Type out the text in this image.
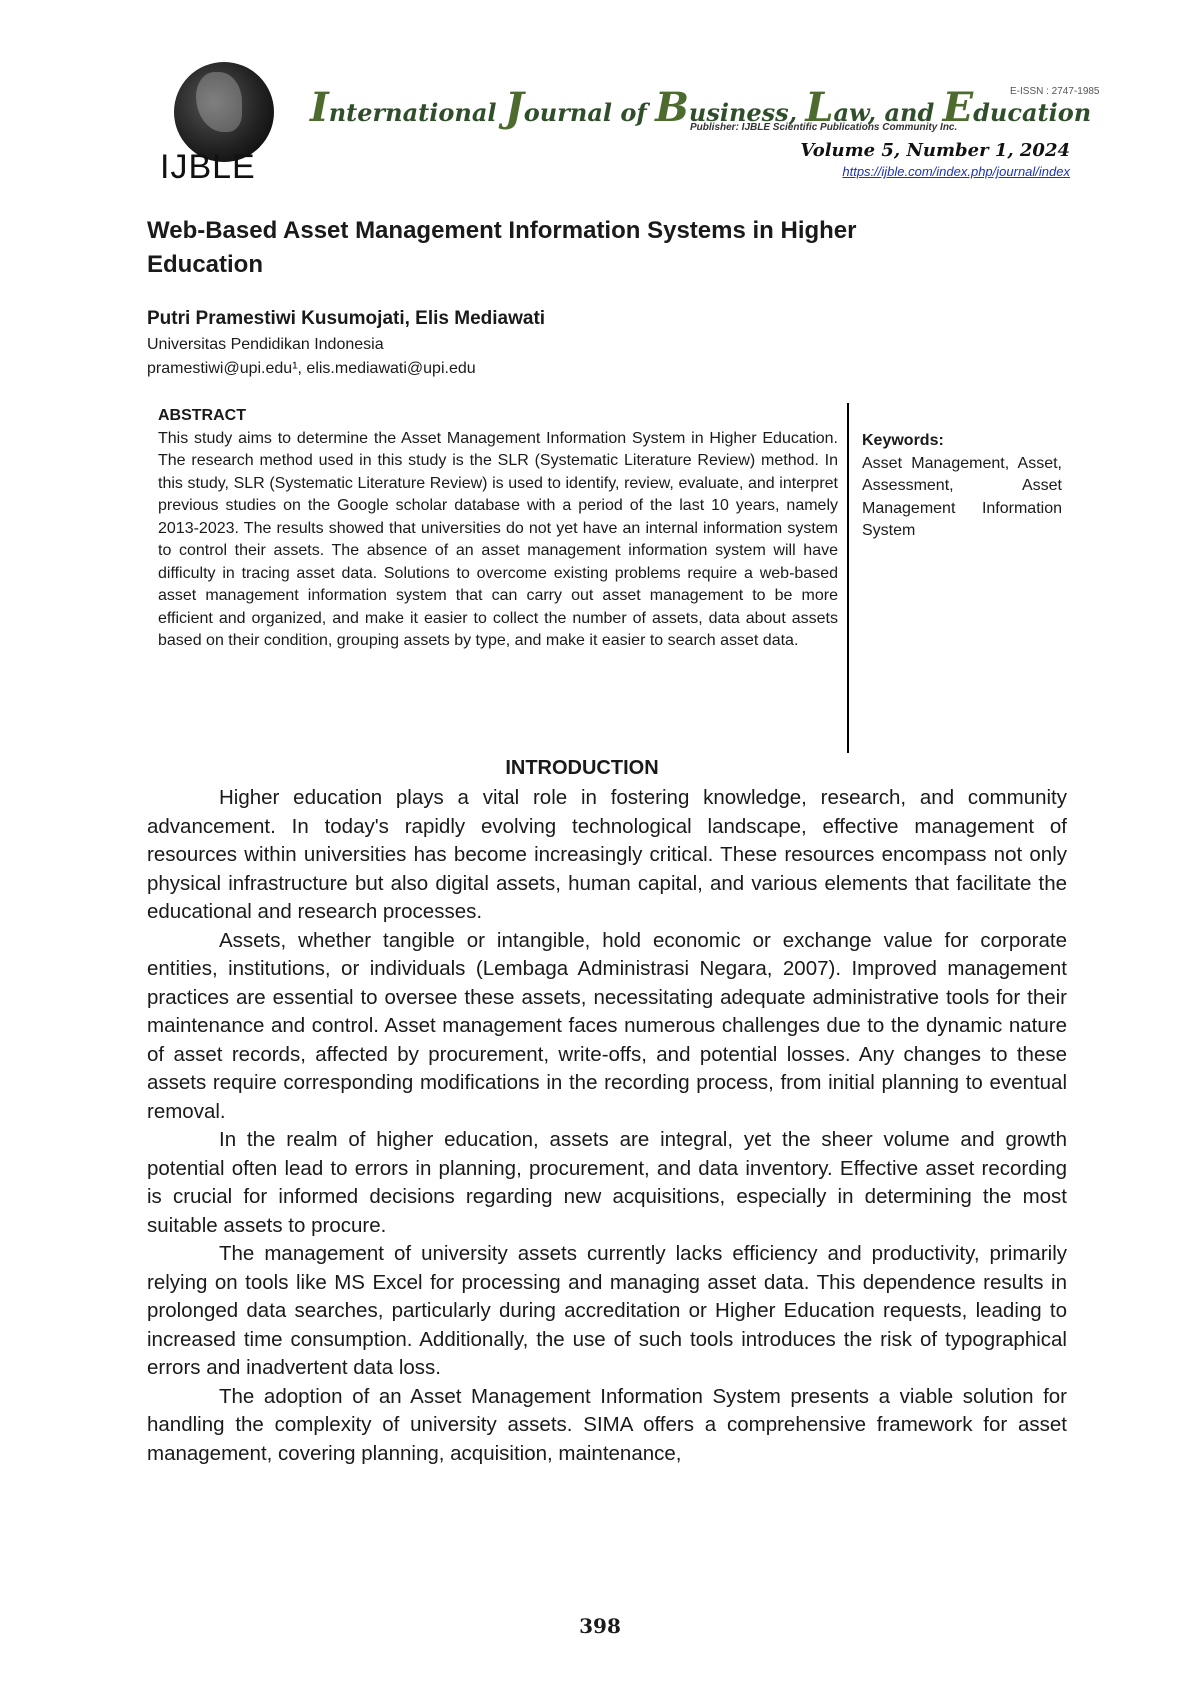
IJBLE
International Journal of Business, Law, and Education
E-ISSN : 2747-1985
Publisher: IJBLE Scientific Publications Community Inc.
Volume 5, Number 1, 2024
https://ijble.com/index.php/journal/index
Web-Based Asset Management Information Systems in Higher Education
Putri Pramestiwi Kusumojati, Elis Mediawati
Universitas Pendidikan Indonesia
pramestiwi@upi.edu¹, elis.mediawati@upi.edu
ABSTRACT
This study aims to determine the Asset Management Information System in Higher Education. The research method used in this study is the SLR (Systematic Literature Review) method. In this study, SLR (Systematic Literature Review) is used to identify, review, evaluate, and interpret previous studies on the Google scholar database with a period of the last 10 years, namely 2013-2023. The results showed that universities do not yet have an internal information system to control their assets. The absence of an asset management information system will have difficulty in tracing asset data. Solutions to overcome existing problems require a web-based asset management information system that can carry out asset management to be more efficient and organized, and make it easier to collect the number of assets, data about assets based on their condition, grouping assets by type, and make it easier to search asset data.
Keywords:
Asset Management, Asset, Assessment, Asset Management Information System
INTRODUCTION

Higher education plays a vital role in fostering knowledge, research, and community advancement. In today's rapidly evolving technological landscape, effective management of resources within universities has become increasingly critical. These resources encompass not only physical infrastructure but also digital assets, human capital, and various elements that facilitate the educational and research processes.

Assets, whether tangible or intangible, hold economic or exchange value for corporate entities, institutions, or individuals (Lembaga Administrasi Negara, 2007). Improved management practices are essential to oversee these assets, necessitating adequate administrative tools for their maintenance and control. Asset management faces numerous challenges due to the dynamic nature of asset records, affected by procurement, write-offs, and potential losses. Any changes to these assets require corresponding modifications in the recording process, from initial planning to eventual removal.

In the realm of higher education, assets are integral, yet the sheer volume and growth potential often lead to errors in planning, procurement, and data inventory. Effective asset recording is crucial for informed decisions regarding new acquisitions, especially in determining the most suitable assets to procure.

The management of university assets currently lacks efficiency and productivity, primarily relying on tools like MS Excel for processing and managing asset data. This dependence results in prolonged data searches, particularly during accreditation or Higher Education requests, leading to increased time consumption. Additionally, the use of such tools introduces the risk of typographical errors and inadvertent data loss.

The adoption of an Asset Management Information System presents a viable solution for handling the complexity of university assets. SIMA offers a comprehensive framework for asset management, covering planning, acquisition, maintenance,

398
